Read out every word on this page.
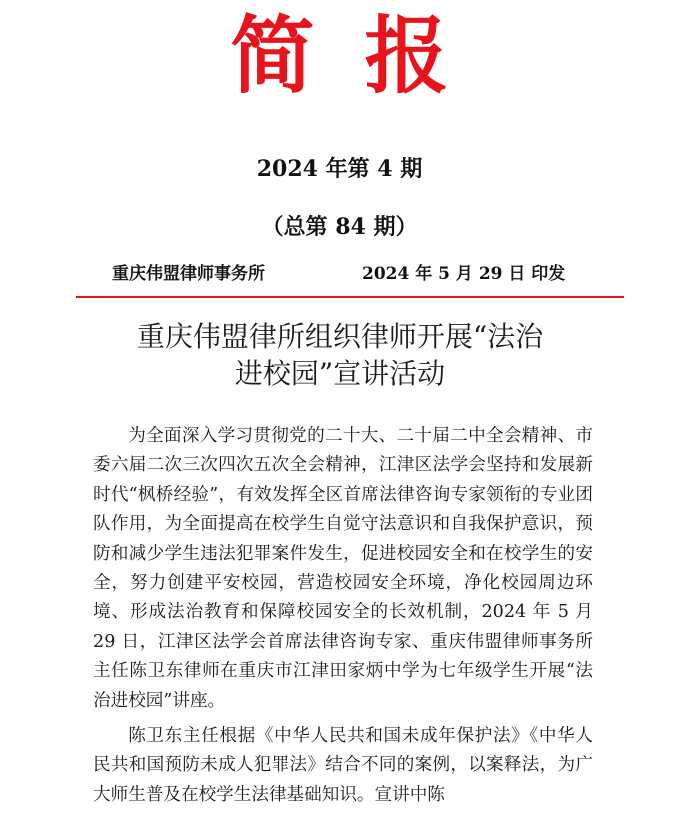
简报
2024 年第 4 期
（总第 84 期）
重庆伟盟律师事务所	2024 年 5 月 29 日 印发
重庆伟盟律所组织律师开展“法治
进校园”宣讲活动

为全面深入学习贯彻党的二十大、二十届二中全会精神、市委六届二次三次四次五次全会精神，江津区法学会坚持和发展新时代“枫桥经验”，有效发挥全区首席法律咨询专家领衔的专业团队作用，为全面提高在校学生自觉守法意识和自我保护意识，预防和减少学生违法犯罪案件发生，促进校园安全和在校学生的安全，努力创建平安校园，营造校园安全环境，净化校园周边环境、形成法治教育和保障校园安全的长效机制，2024 年 5 月 29 日，江津区法学会首席法律咨询专家、重庆伟盟律师事务所主任陈卫东律师在重庆市江津田家炳中学为七年级学生开展“法治进校园”讲座。

陈卫东主任根据《中华人民共和国未成年保护法》《中华人民共和国预防未成人犯罪法》结合不同的案例，以案释法，为广大师生普及在校学生法律基础知识。宣讲中陈
